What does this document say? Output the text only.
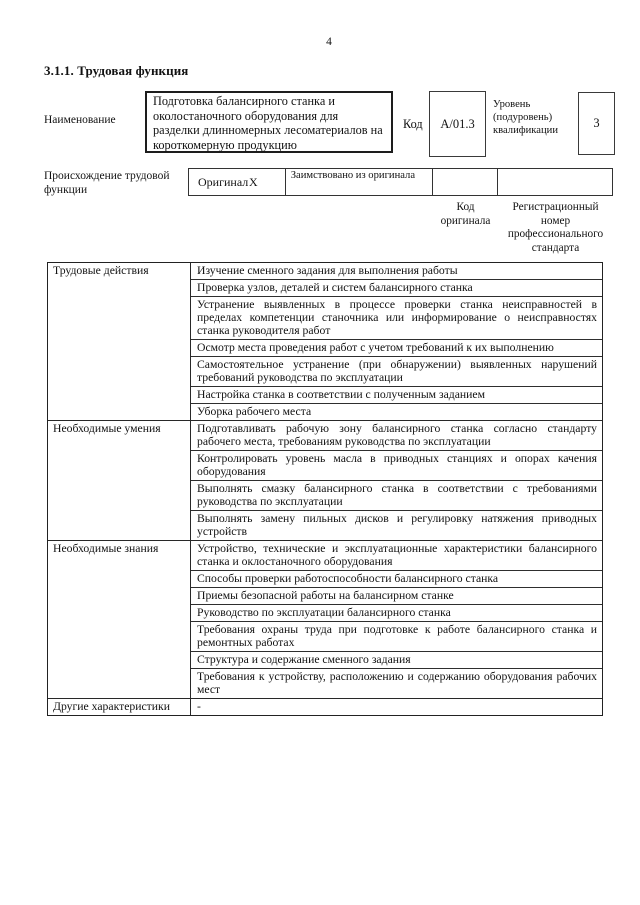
4
3.1.1. Трудовая функция
Наименование
Подготовка балансирного станка и околостаночного оборудования для разделки длинномерных лесоматериалов на короткомерную продукцию
Код	А/01.3
Уровень
(подуровень)
квалификации
3
Происхождение трудовой
функции
Оригинал X	Заимствовано из оригинала
Код
оригинала
Регистрационный
номер
профессионального
стандарта
Трудовые действия	Изучение сменного задания для выполнения работы
Проверка узлов, деталей и систем балансирного станка
Устранение выявленных в процессе проверки станка неисправностей в пределах компетенции станочника или информирование о неисправностях станка руководителя работ
Осмотр места проведения работ с учетом требований к их выполнению
Самостоятельное устранение (при обнаружении) выявленных нарушений требований руководства по эксплуатации
Настройка станка в соответствии с полученным заданием
Уборка рабочего места
Необходимые умения	Подготавливать рабочую зону балансирного станка согласно стандарту рабочего места, требованиям руководства по эксплуатации
Контролировать уровень масла в приводных станциях и опорах качения оборудования
Выполнять смазку балансирного станка в соответствии с требованиями руководства по эксплуатации
Выполнять замену пильных дисков и регулировку натяжения приводных устройств
Необходимые знания	Устройство, технические и эксплуатационные характеристики балансирного станка и оклостаночного оборудования
Способы проверки работоспособности балансирного станка
Приемы безопасной работы на балансирном станке
Руководство по эксплуатации балансирного станка
Требования охраны труда при подготовке к работе балансирного станка и ремонтных работах
Структура и содержание сменного задания
Требования к устройству, расположению и содержанию оборудования рабочих мест
Другие характеристики	-
